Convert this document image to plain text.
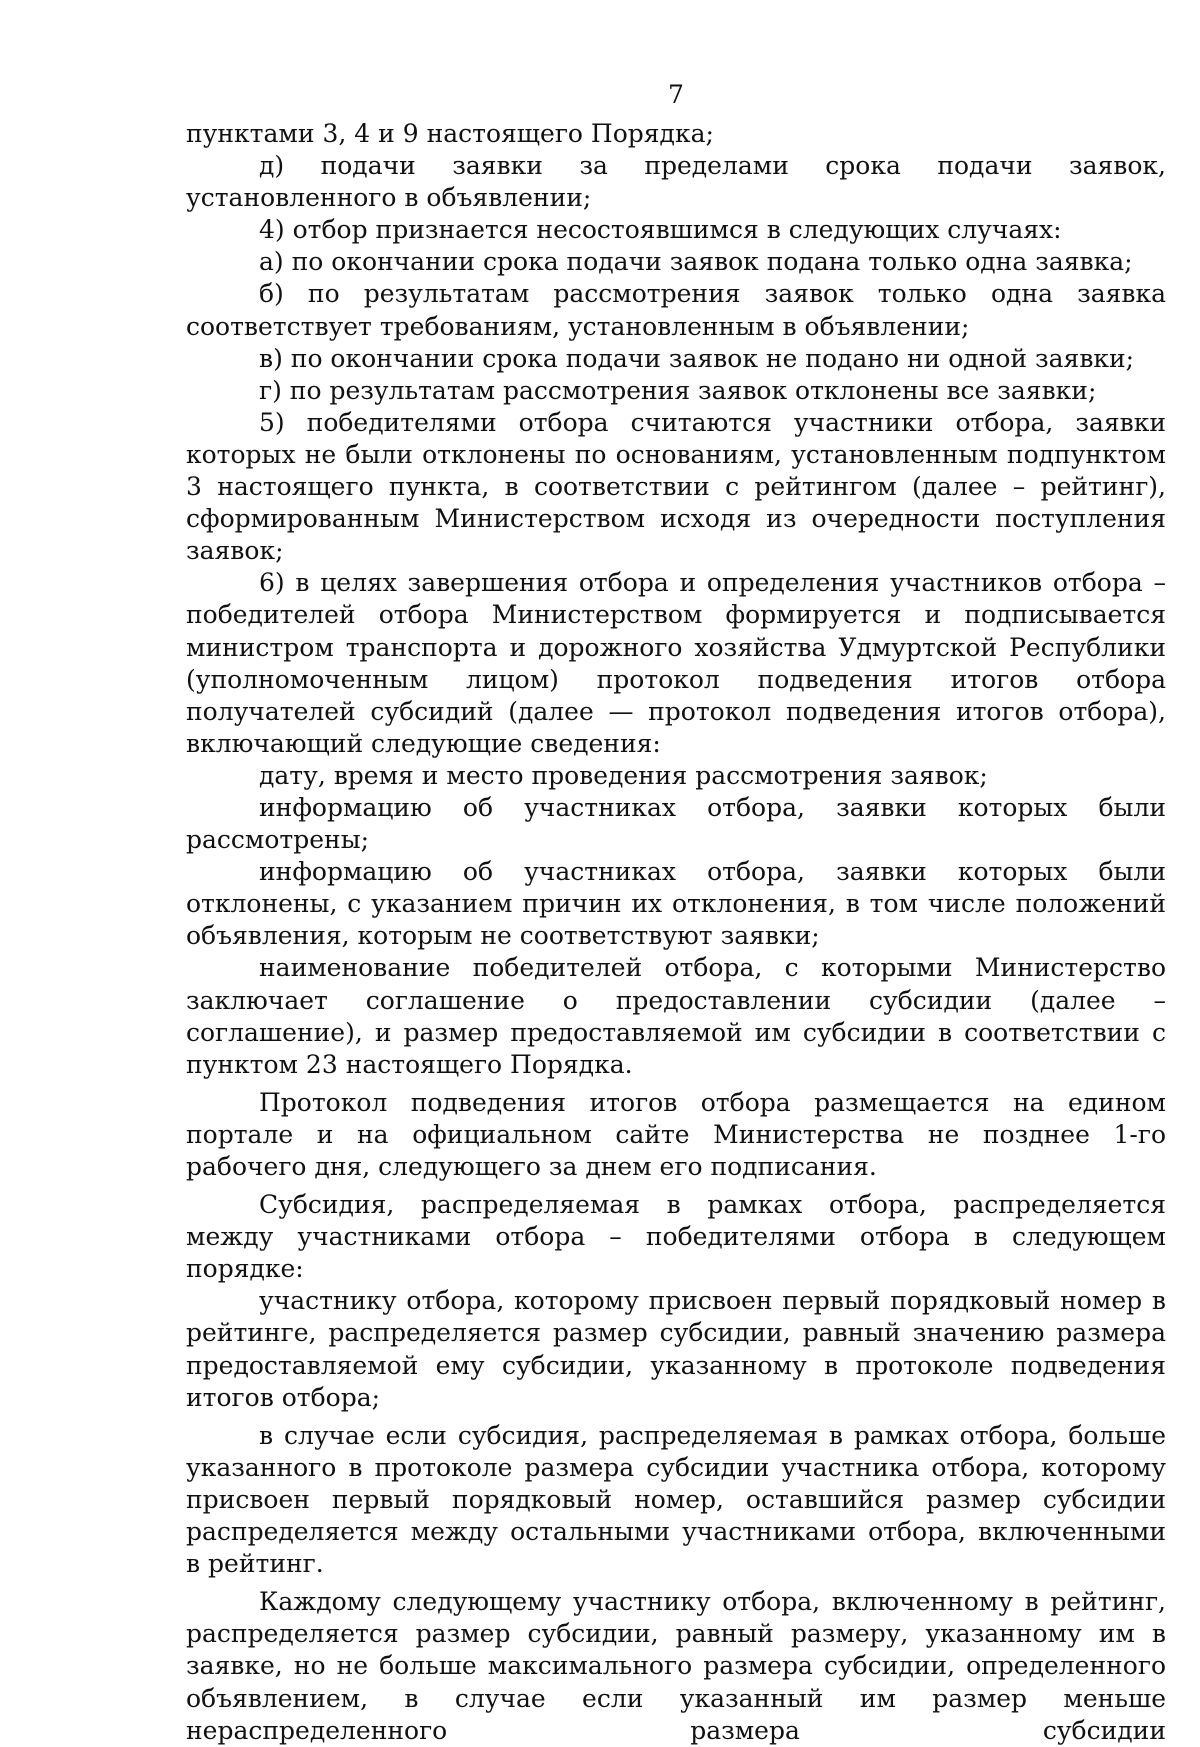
7

пунктами 3, 4 и 9 настоящего Порядка;

д) подачи заявки за пределами срока подачи заявок, установленного в объявлении;

4) отбор признается несостоявшимся в следующих случаях:

а) по окончании срока подачи заявок подана только одна заявка;

б) по результатам рассмотрения заявок только одна заявка соответствует требованиям, установленным в объявлении;

в) по окончании срока подачи заявок не подано ни одной заявки;

г) по результатам рассмотрения заявок отклонены все заявки;

5) победителями отбора считаются участники отбора, заявки которых не были отклонены по основаниям, установленным подпунктом 3 настоящего пункта, в соответствии с рейтингом (далее – рейтинг), сформированным Министерством исходя из очередности поступления заявок;

6) в целях завершения отбора и определения участников отбора – победителей отбора Министерством формируется и подписывается министром транспорта и дорожного хозяйства Удмуртской Республики (уполномоченным лицом) протокол подведения итогов отбора получателей субсидий (далее — протокол подведения итогов отбора), включающий следующие сведения:

дату, время и место проведения рассмотрения заявок;

информацию об участниках отбора, заявки которых были рассмотрены;

информацию об участниках отбора, заявки которых были отклонены, с указанием причин их отклонения, в том числе положений объявления, которым не соответствуют заявки;

наименование победителей отбора, с которыми Министерство заключает соглашение о предоставлении субсидии (далее – соглашение), и размер предоставляемой им субсидии в соответствии с пунктом 23 настоящего Порядка.

Протокол подведения итогов отбора размещается на едином портале и на официальном сайте Министерства не позднее 1-го рабочего дня, следующего за днем его подписания.

Субсидия, распределяемая в рамках отбора, распределяется между участниками отбора – победителями отбора в следующем порядке:

участнику отбора, которому присвоен первый порядковый номер в рейтинге, распределяется размер субсидии, равный значению размера предоставляемой ему субсидии, указанному в протоколе подведения итогов отбора;

в случае если субсидия, распределяемая в рамках отбора, больше указанного в протоколе размера субсидии участника отбора, которому присвоен первый порядковый номер, оставшийся размер субсидии распределяется между остальными участниками отбора, включенными в рейтинг.

Каждому следующему участнику отбора, включенному в рейтинг, распределяется размер субсидии, равный размеру, указанному им в заявке, но не больше максимального размера субсидии, определенного объявлением, в случае если указанный им размер меньше нераспределенного размера субсидии
